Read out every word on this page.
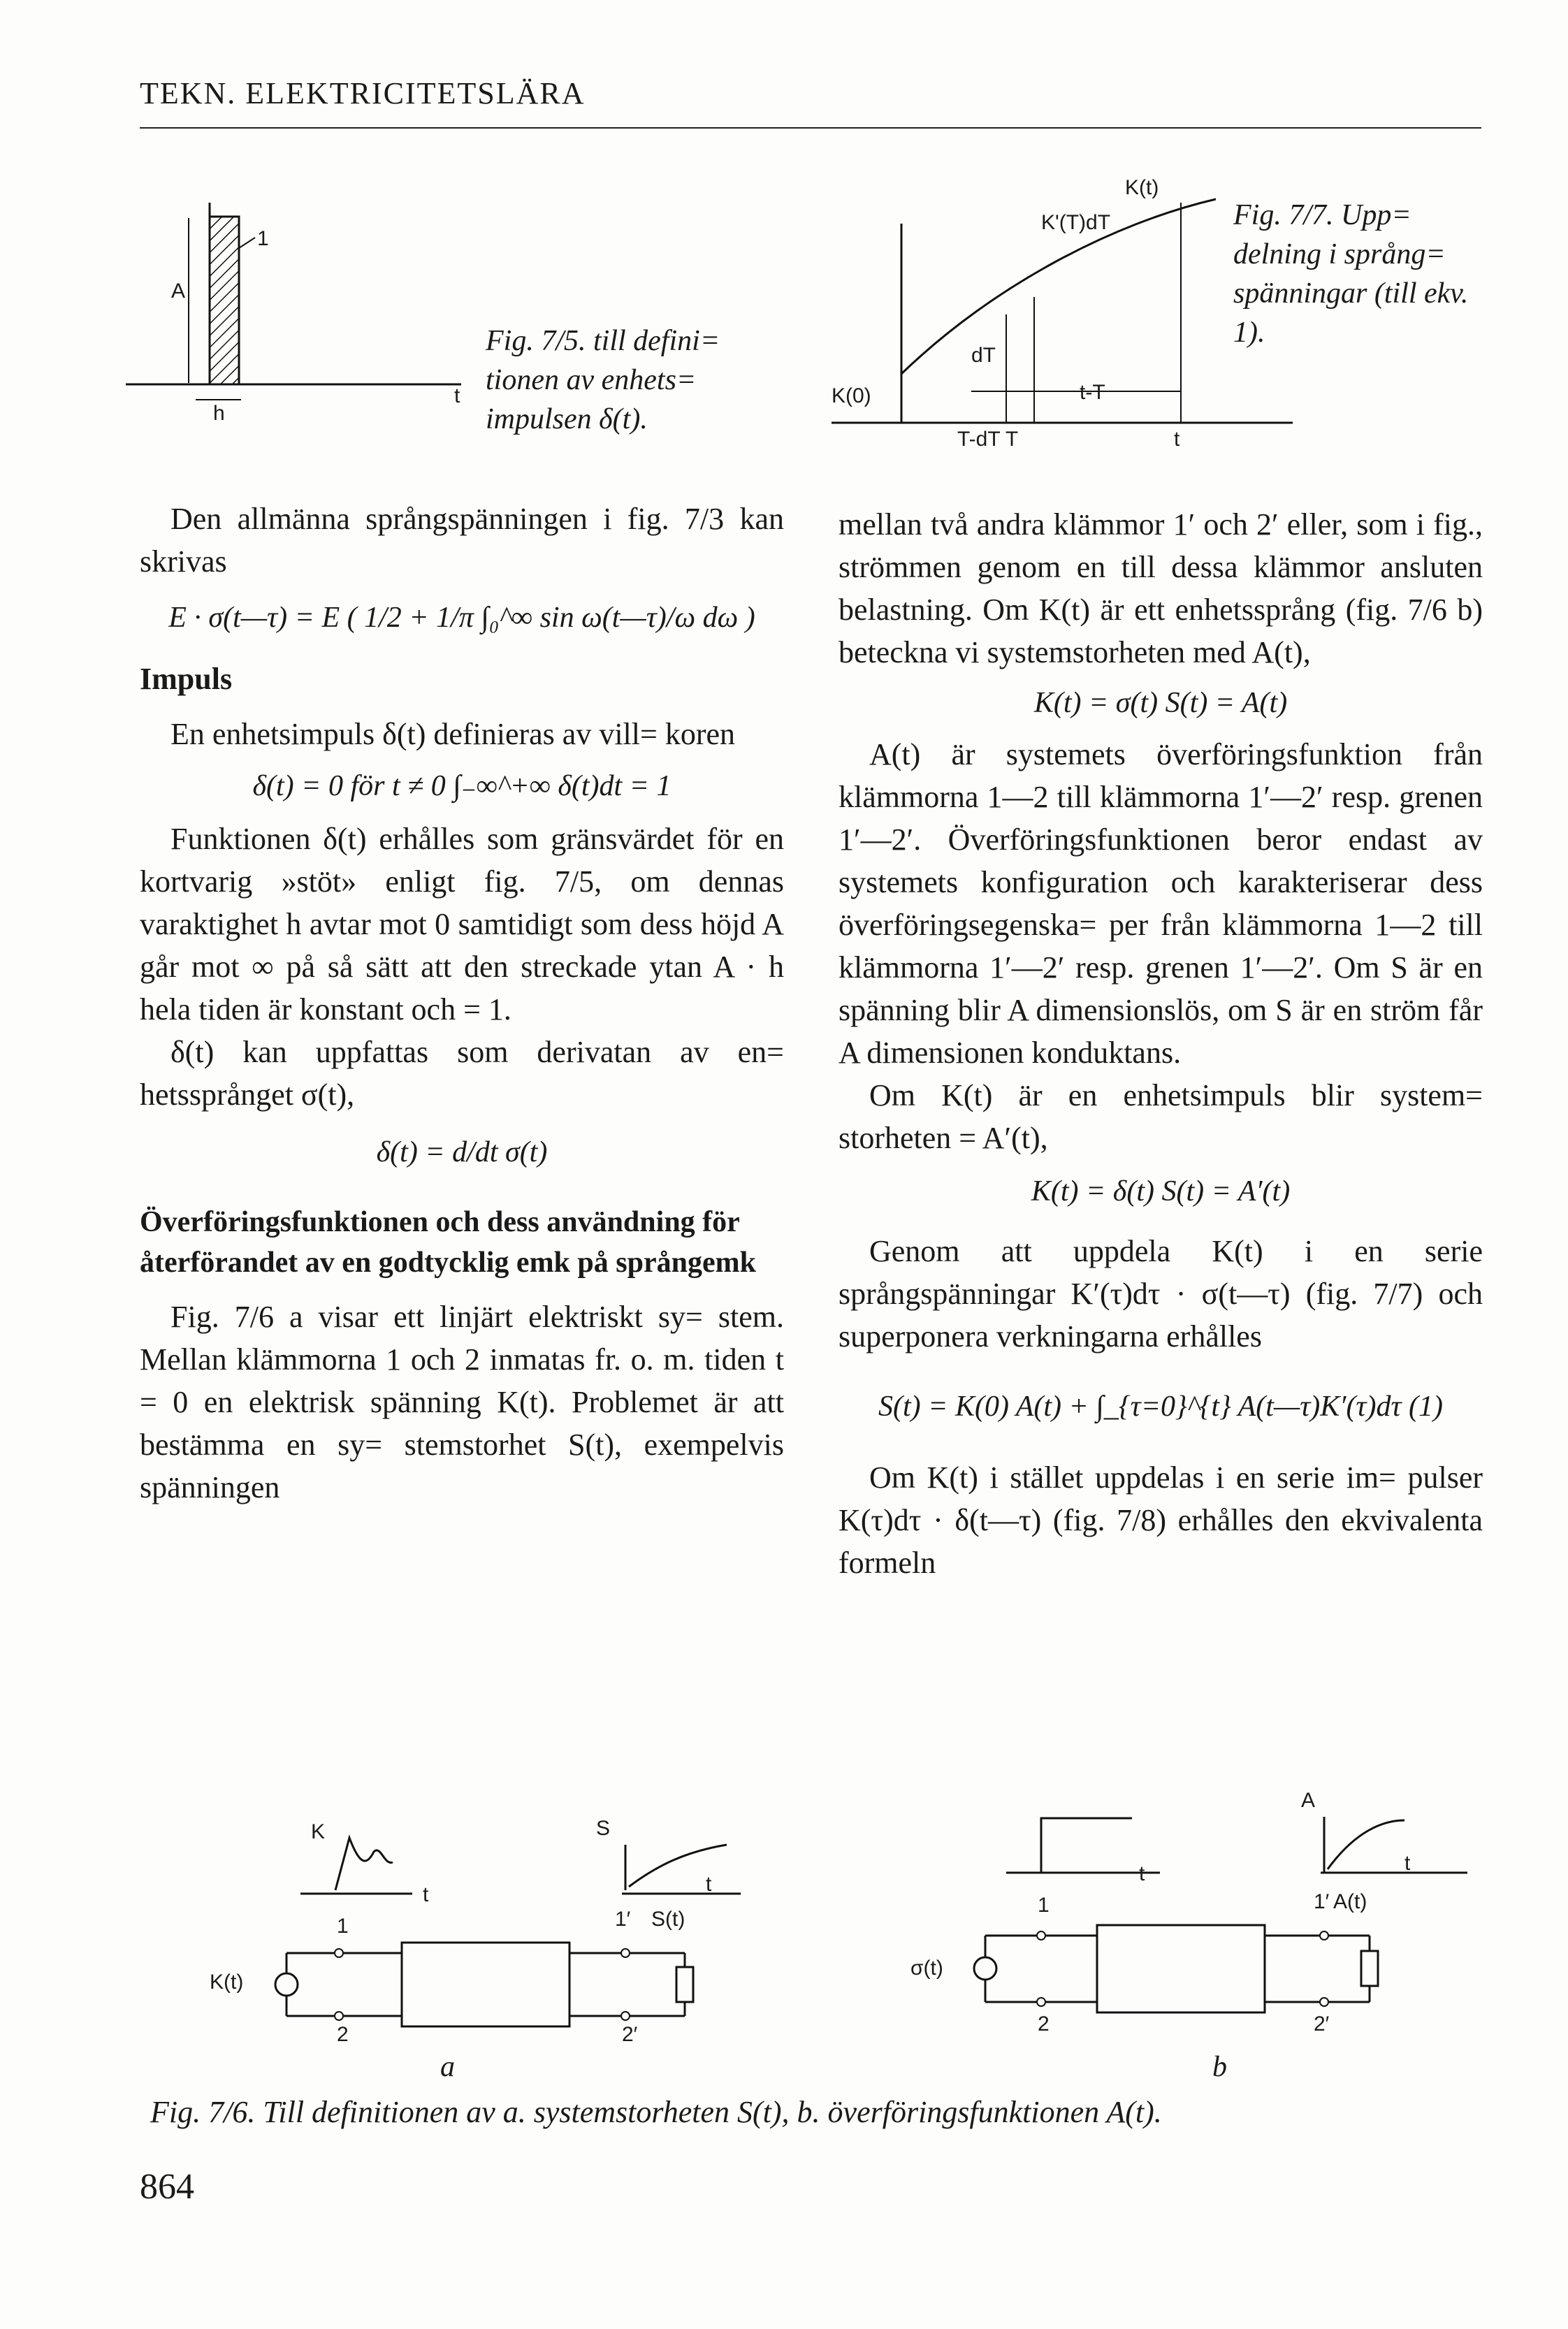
TEKN. ELEKTRICITETSLÄRA
A
h
1
t
Fig. 7/5. till defini= tionen av enhets= impulsen δ(t).
K(t)
K(0)
K'(T)dT
dT
t-T
T-dT T	t
Fig. 7/7. Upp= delning i språng= spänningar (till ekv. 1).

Den allmänna språngspänningen i fig. 7/3 kan skrivas

E · σ(t—τ) = E ( 1/2 + 1/π ∫₀^∞ sin ω(t—τ)/ω dω )

Impuls

En enhetsimpuls δ(t) definieras av vill= koren

δ(t) = 0 för t ≠ 0 ∫₋∞^+∞ δ(t)dt = 1

Funktionen δ(t) erhålles som gränsvärdet för en kortvarig »stöt» enligt fig. 7/5, om dennas varaktighet h avtar mot 0 samtidigt som dess höjd A går mot ∞ på så sätt att den streckade ytan A · h hela tiden är konstant och = 1.

δ(t) kan uppfattas som derivatan av en= hetssprånget σ(t),

δ(t) = d/dt σ(t)

Överföringsfunktionen och dess användning för återförandet av en godtycklig emk på språngemk

Fig. 7/6 a visar ett linjärt elektriskt sy= stem. Mellan klämmorna 1 och 2 inmatas fr. o. m. tiden t = 0 en elektrisk spänning K(t). Problemet är att bestämma en sy= stemstorhet S(t), exempelvis spänningen

mellan två andra klämmor 1′ och 2′ eller, som i fig., strömmen genom en till dessa klämmor ansluten belastning. Om K(t) är ett enhetssprång (fig. 7/6 b) beteckna vi systemstorheten med A(t),

K(t) = σ(t) S(t) = A(t)

A(t) är systemets överföringsfunktion från klämmorna 1—2 till klämmorna 1′—2′ resp. grenen 1′—2′. Överföringsfunktionen beror endast av systemets konfiguration och karakteriserar dess överföringsegenska= per från klämmorna 1—2 till klämmorna 1′—2′ resp. grenen 1′—2′. Om S är en spänning blir A dimensionslös, om S är en ström får A dimensionen konduktans.

Om K(t) är en enhetsimpuls blir system= storheten = A′(t),

K(t) = δ(t) S(t) = A′(t)

Genom att uppdela K(t) i en serie språngspänningar K′(τ)dτ · σ(t—τ) (fig. 7/7) och superponera verkningarna erhålles

S(t) = K(0) A(t) + ∫_{τ=0}^{t} A(t—τ)K′(τ)dτ (1)

Om K(t) i stället uppdelas i en serie im= pulser K(τ)dτ · δ(t—τ) (fig. 7/8) erhålles den ekvivalenta formeln

K
t
S
t
1
2
1′
2′
S(t)
K(t)
A
t	t
1
2
1′
2′
A(t)
σ(t)
a	b
Fig. 7/6. Till definitionen av a. systemstorheten S(t), b. överföringsfunktionen A(t).
864
